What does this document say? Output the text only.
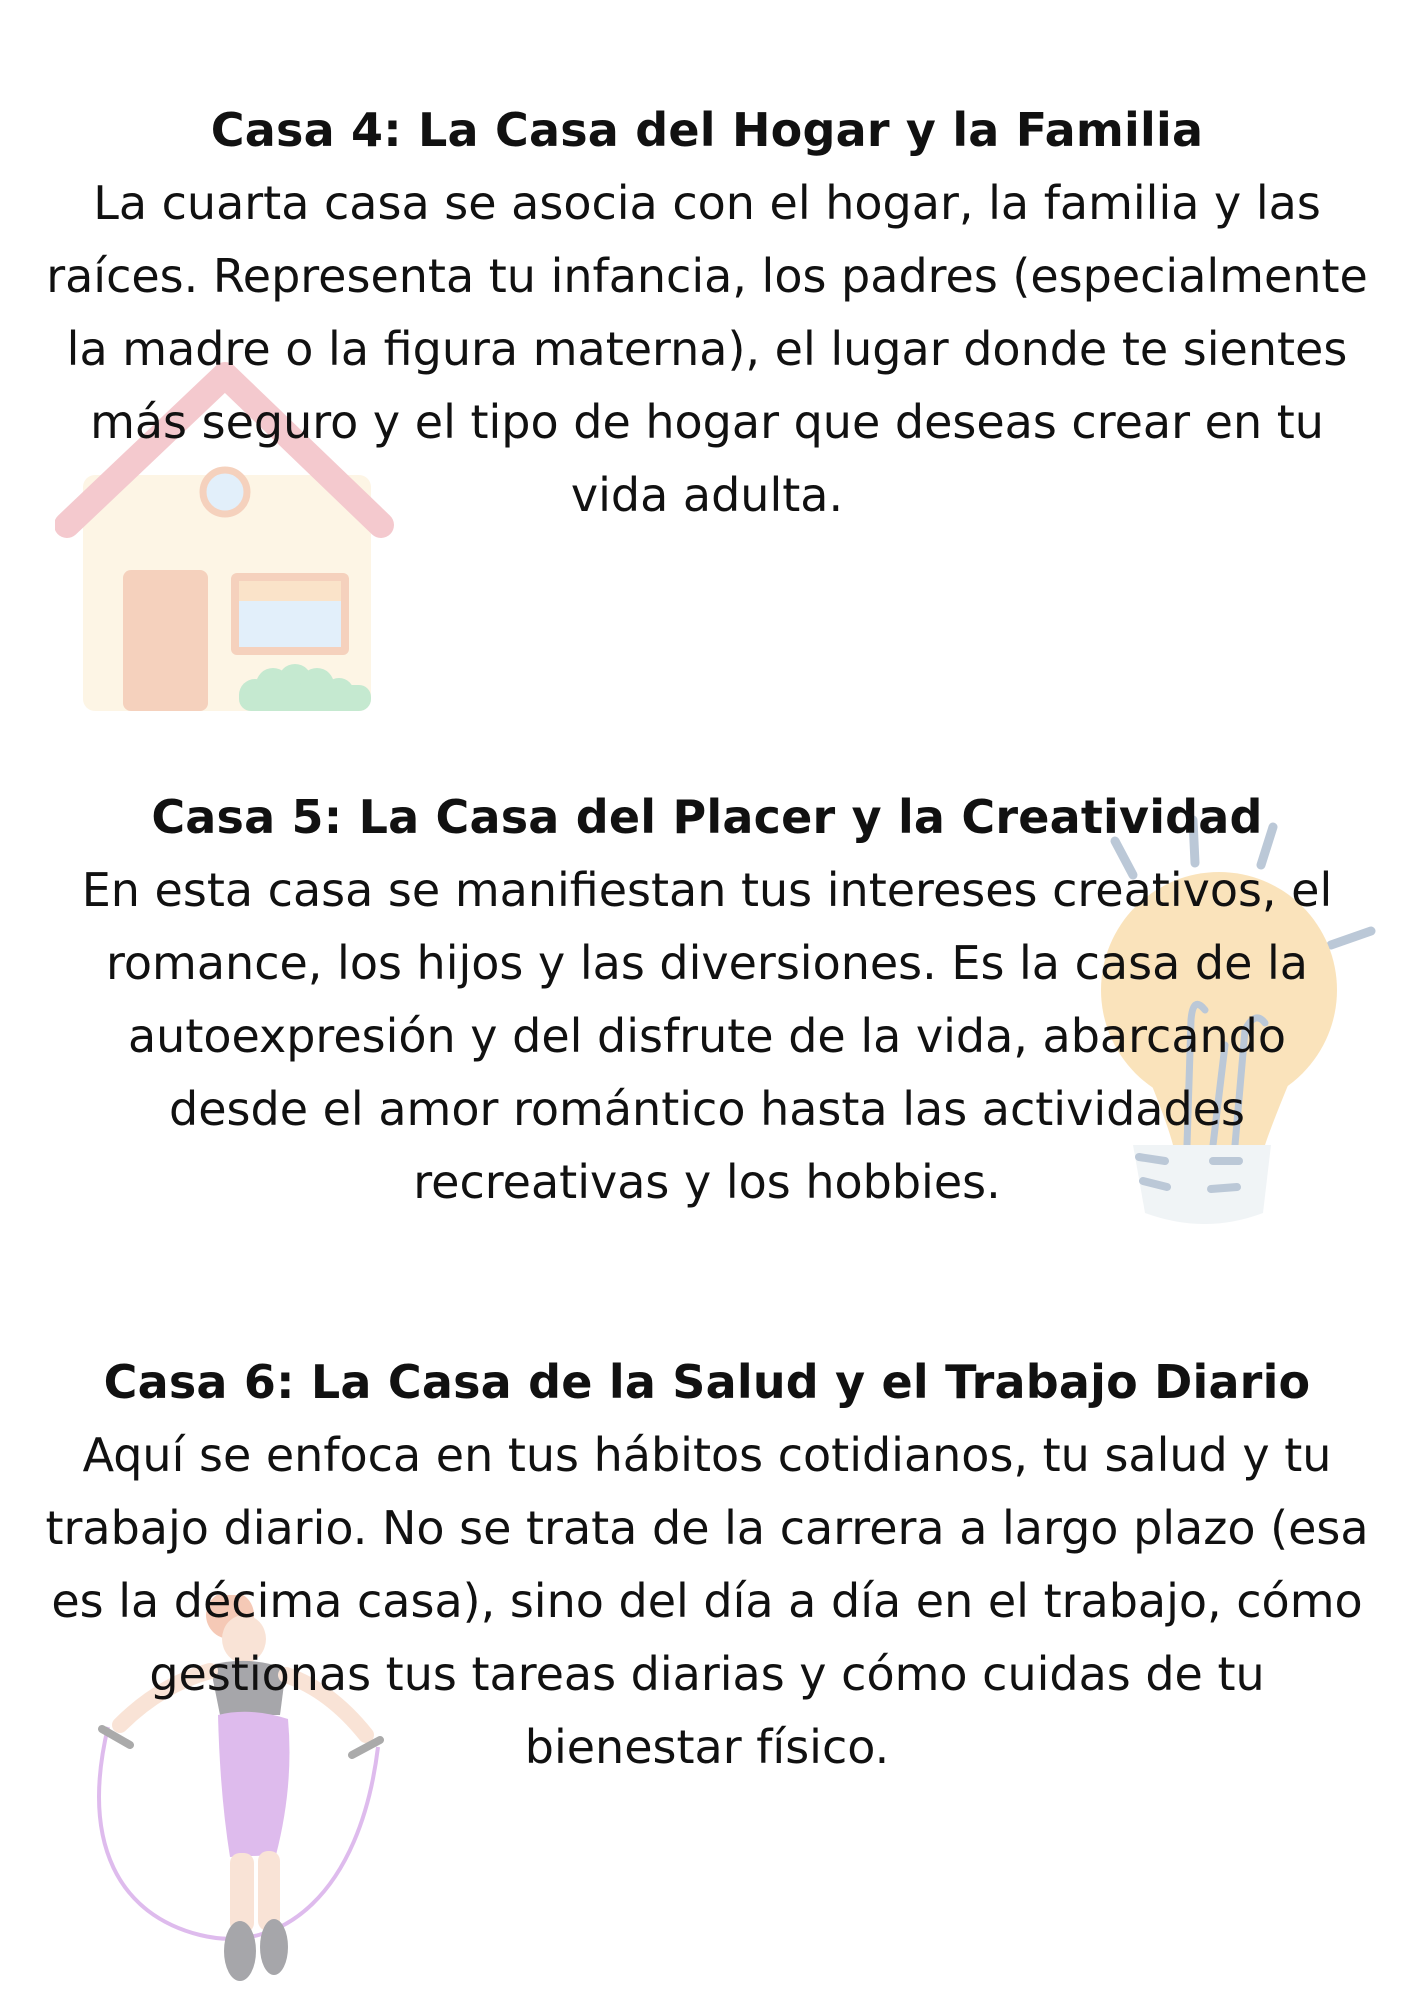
Casa 4: La Casa del Hogar y la Familia

La cuarta casa se asocia con el hogar, la familia y las
raíces. Representa tu infancia, los padres (especialmente
la madre o la figura materna), el lugar donde te sientes
más seguro y el tipo de hogar que deseas crear en tu
vida adulta.

Casa 5: La Casa del Placer y la Creatividad

En esta casa se manifiestan tus intereses creativos, el
romance, los hijos y las diversiones. Es la casa de la
autoexpresión y del disfrute de la vida, abarcando
desde el amor romántico hasta las actividades
recreativas y los hobbies.

Casa 6: La Casa de la Salud y el Trabajo Diario

Aquí se enfoca en tus hábitos cotidianos, tu salud y tu
trabajo diario. No se trata de la carrera a largo plazo (esa
es la décima casa), sino del día a día en el trabajo, cómo
gestionas tus tareas diarias y cómo cuidas de tu
bienestar físico.
